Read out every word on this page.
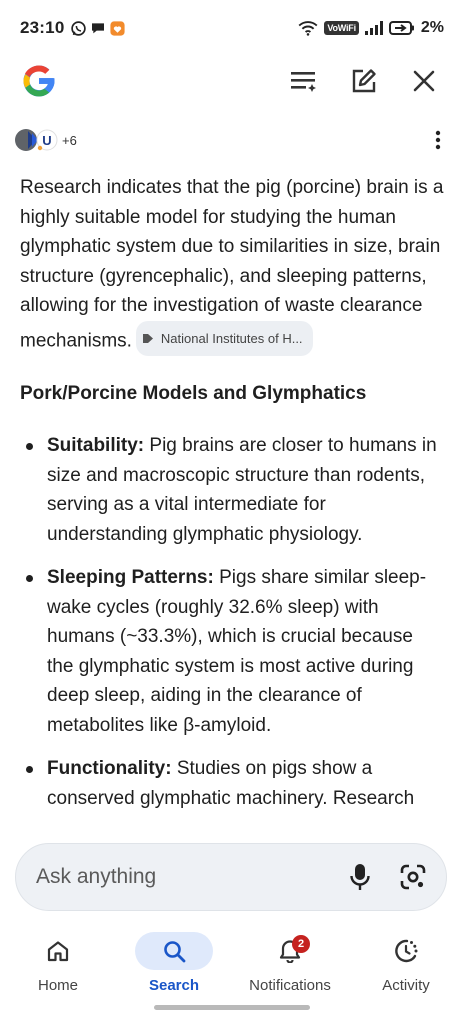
23:10	VoWiFi	2%
U +6

Research indicates that the pig (porcine) brain is a highly suitable model for studying the human glymphatic system due to similarities in size, brain structure (gyrencephalic), and sleeping patterns, allowing for the investigation of waste clearance mechanisms. National Institutes of H...

Pork/Porcine Models and Glymphatics
Suitability: Pig brains are closer to humans in size and macroscopic structure than rodents, serving as a vital intermediate for understanding glymphatic physiology.
Sleeping Patterns: Pigs share similar sleep-wake cycles (roughly 32.6% sleep) with humans (~33.3%), which is crucial because the glymphatic system is most active during deep sleep, aiding in the clearance of metabolites like β-amyloid.
Functionality: Studies on pigs show a conserved glymphatic machinery. Research
Ask anything
Home	Search
2
Notifications	Activity
